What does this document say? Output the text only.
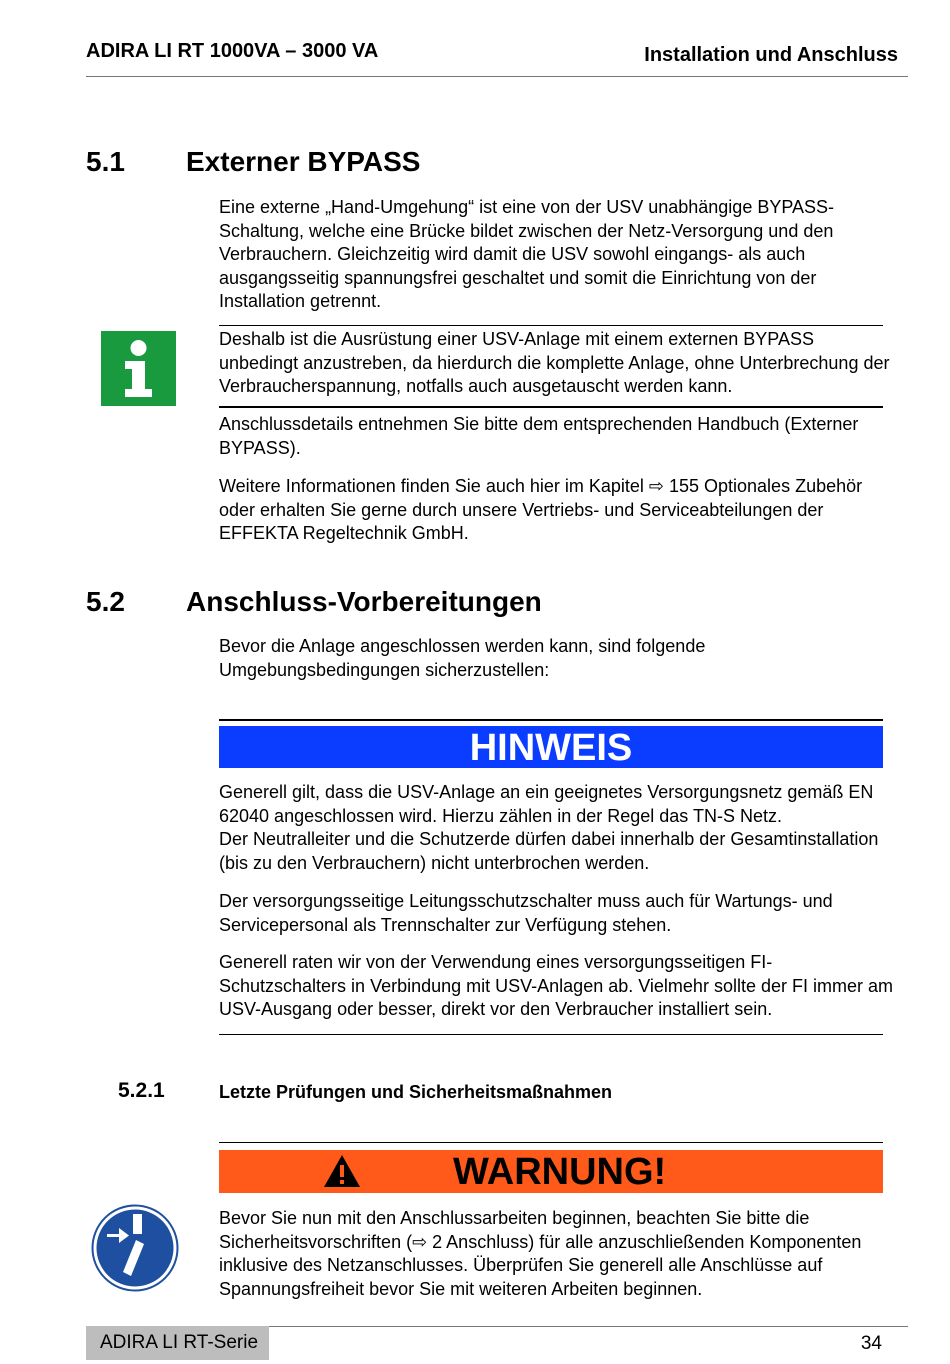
ADIRA LI RT 1000VA – 3000 VA	Installation und Anschluss
5.1 Externer BYPASS

Eine externe „Hand-Umgehung“ ist eine von der USV unabhängige BYPASS-Schaltung, welche eine Brücke bildet zwischen der Netz-Versorgung und den Verbrauchern. Gleichzeitig wird damit die USV sowohl eingangs- als auch ausgangsseitig spannungsfrei geschaltet und somit die Einrichtung von der Installation getrennt.

Deshalb ist die Ausrüstung einer USV-Anlage mit einem externen BYPASS unbedingt anzustreben, da hierdurch die komplette Anlage, ohne Unterbrechung der Verbraucherspannung, notfalls auch ausgetauscht werden kann.

Anschlussdetails entnehmen Sie bitte dem entsprechenden Handbuch (Externer BYPASS).

Weitere Informationen finden Sie auch hier im Kapitel ⇨ 155 Optionales Zubehör oder erhalten Sie gerne durch unsere Vertriebs- und Serviceabteilungen der EFFEKTA Regeltechnik GmbH.

5.2 Anschluss-Vorbereitungen

Bevor die Anlage angeschlossen werden kann, sind folgende Umgebungsbedingungen sicherzustellen:

HINWEIS

Generell gilt, dass die USV-Anlage an ein geeignetes Versorgungsnetz gemäß EN 62040 angeschlossen wird. Hierzu zählen in der Regel das TN-S Netz.

Der Neutralleiter und die Schutzerde dürfen dabei innerhalb der Gesamtinstallation (bis zu den Verbrauchern) nicht unterbrochen werden.

Der versorgungsseitige Leitungsschutzschalter muss auch für Wartungs- und Servicepersonal als Trennschalter zur Verfügung stehen.

Generell raten wir von der Verwendung eines versorgungsseitigen FI-Schutzschalters in Verbindung mit USV-Anlagen ab. Vielmehr sollte der FI immer am USV-Ausgang oder besser, direkt vor den Verbraucher installiert sein.

5.2.1	Letzte Prüfungen und Sicherheitsmaßnahmen
WARNUNG!

Bevor Sie nun mit den Anschlussarbeiten beginnen, beachten Sie bitte die Sicherheitsvorschriften (⇨ 2 Anschluss) für alle anzuschließenden Komponenten inklusive des Netzanschlusses. Überprüfen Sie generell alle Anschlüsse auf Spannungsfreiheit bevor Sie mit weiteren Arbeiten beginnen.

ADIRA LI RT-Serie	34
